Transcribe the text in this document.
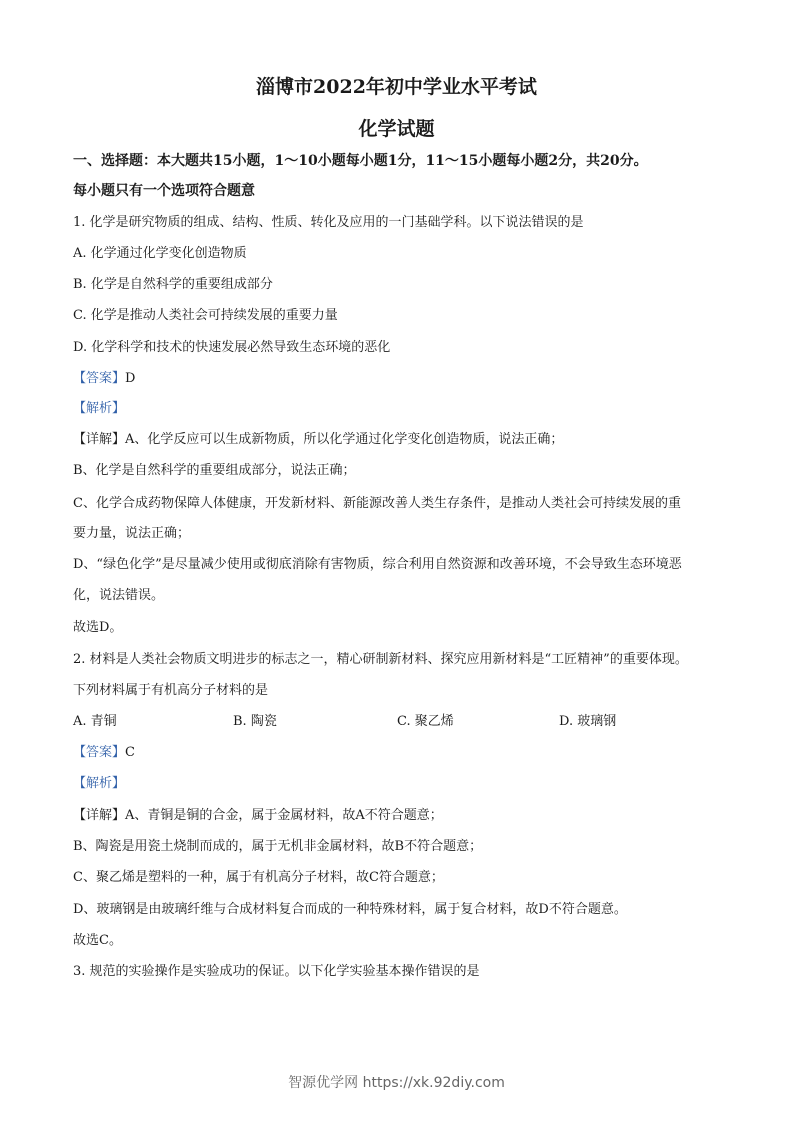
淄博市2022年初中学业水平考试
化学试题
一、选择题：本大题共15小题，1～10小题每小题1分，11～15小题每小题2分，共20分。
每小题只有一个选项符合题意
1. 化学是研究物质的组成、结构、性质、转化及应用的一门基础学科。以下说法错误的是
A. 化学通过化学变化创造物质
B. 化学是自然科学的重要组成部分
C. 化学是推动人类社会可持续发展的重要力量
D. 化学科学和技术的快速发展必然导致生态环境的恶化
【答案】D
【解析】
【详解】A、化学反应可以生成新物质，所以化学通过化学变化创造物质，说法正确；
B、化学是自然科学的重要组成部分，说法正确；
C、化学合成药物保障人体健康，开发新材料、新能源改善人类生存条件，是推动人类社会可持续发展的重
要力量，说法正确；
D、“绿色化学”是尽量减少使用或彻底消除有害物质，综合利用自然资源和改善环境，不会导致生态环境恶
化，说法错误。
故选D。
2. 材料是人类社会物质文明进步的标志之一，精心研制新材料、探究应用新材料是“工匠精神”的重要体现。
下列材料属于有机高分子材料的是
A. 青铜	B. 陶瓷	C. 聚乙烯	D. 玻璃钢
【答案】C
【解析】
【详解】A、青铜是铜的合金，属于金属材料，故A不符合题意；
B、陶瓷是用瓷土烧制而成的，属于无机非金属材料，故B不符合题意；
C、聚乙烯是塑料的一种，属于有机高分子材料，故C符合题意；
D、玻璃钢是由玻璃纤维与合成材料复合而成的一种特殊材料，属于复合材料，故D不符合题意。
故选C。
3. 规范的实验操作是实验成功的保证。以下化学实验基本操作错误的是
智源优学网 https://xk.92diy.com
